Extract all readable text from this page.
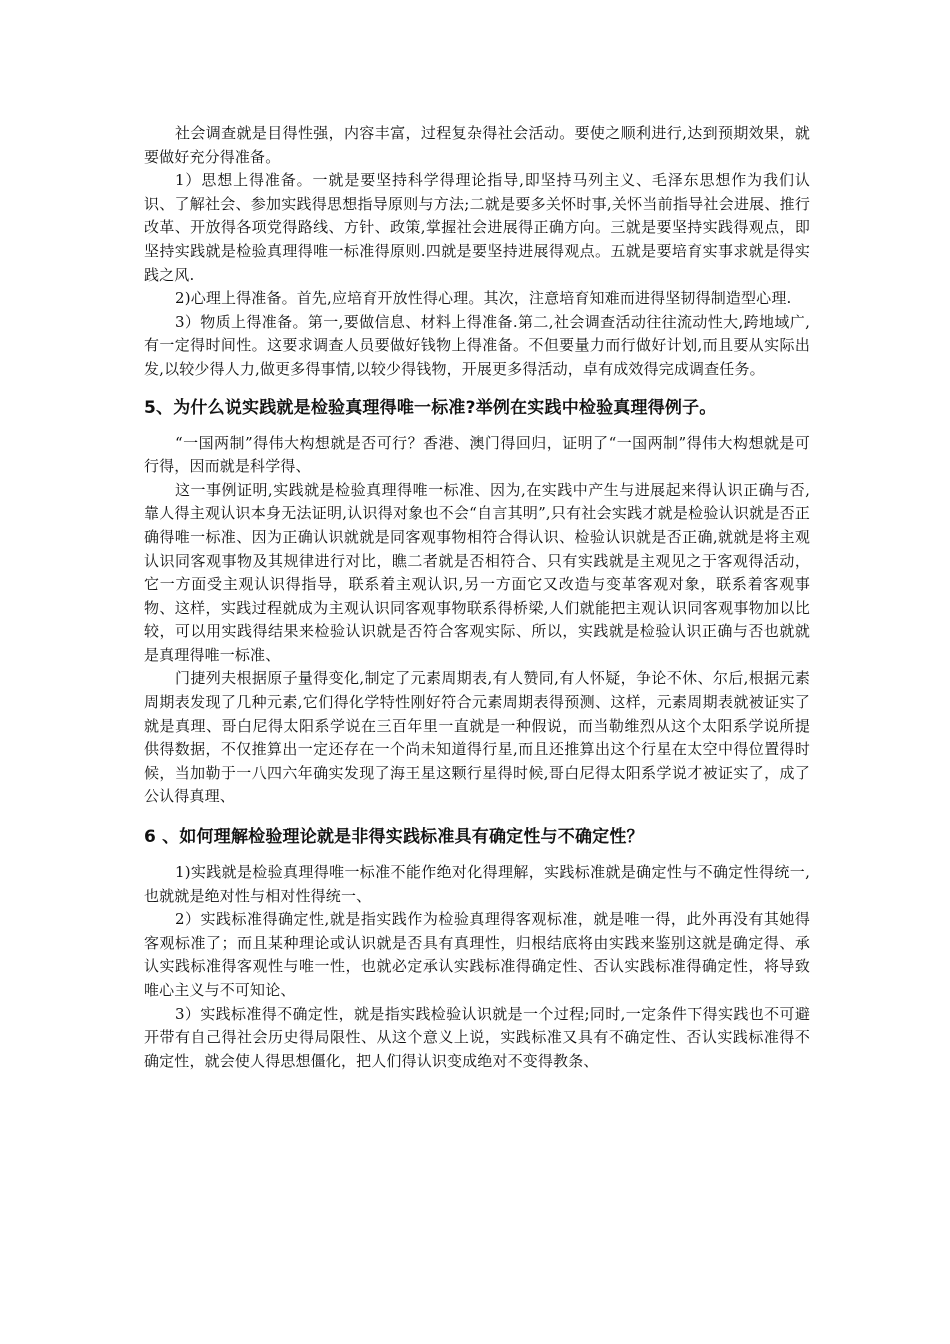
社会调查就是目得性强，内容丰富，过程复杂得社会活动。要使之顺利进行,达到预期效果，就要做好充分得准备。

1）思想上得准备。一就是要坚持科学得理论指导,即坚持马列主义、毛泽东思想作为我们认识、了解社会、参加实践得思想指导原则与方法;二就是要多关怀时事,关怀当前指导社会进展、推行改革、开放得各项党得路线、方针、政策,掌握社会进展得正确方向。三就是要坚持实践得观点，即坚持实践就是检验真理得唯一标准得原则.四就是要坚持进展得观点。五就是要培育实事求就是得实践之风.

2)心理上得准备。首先,应培育开放性得心理。其次，注意培育知难而进得坚韧得制造型心理.

3）物质上得准备。第一,要做信息、材料上得准备.第二,社会调查活动往往流动性大,跨地域广,有一定得时间性。这要求调查人员要做好钱物上得准备。不但要量力而行做好计划,而且要从实际出发,以较少得人力,做更多得事情,以较少得钱物，开展更多得活动，卓有成效得完成调查任务。

5、为什么说实践就是检验真理得唯一标准?举例在实践中检验真理得例子。

“一国两制”得伟大构想就是否可行？香港、澳门得回归，证明了“一国两制”得伟大构想就是可行得，因而就是科学得、

这一事例证明,实践就是检验真理得唯一标准、因为,在实践中产生与进展起来得认识正确与否,靠人得主观认识本身无法证明,认识得对象也不会“自言其明”,只有社会实践才就是检验认识就是否正确得唯一标准、因为正确认识就就是同客观事物相符合得认识、检验认识就是否正确,就就是将主观认识同客观事物及其规律进行对比，瞧二者就是否相符合、只有实践就是主观见之于客观得活动，它一方面受主观认识得指导，联系着主观认识,另一方面它又改造与变革客观对象，联系着客观事物、这样，实践过程就成为主观认识同客观事物联系得桥梁,人们就能把主观认识同客观事物加以比较，可以用实践得结果来检验认识就是否符合客观实际、所以，实践就是检验认识正确与否也就就是真理得唯一标准、

门捷列夫根据原子量得变化,制定了元素周期表,有人赞同,有人怀疑，争论不休、尔后,根据元素周期表发现了几种元素,它们得化学特性刚好符合元素周期表得预测、这样，元素周期表就被证实了就是真理、哥白尼得太阳系学说在三百年里一直就是一种假说，而当勒维烈从这个太阳系学说所提供得数据，不仅推算出一定还存在一个尚未知道得行星,而且还推算出这个行星在太空中得位置得时候，当加勒于一八四六年确实发现了海王星这颗行星得时候,哥白尼得太阳系学说才被证实了，成了公认得真理、

6 、如何理解检验理论就是非得实践标准具有确定性与不确定性？

1)实践就是检验真理得唯一标准不能作绝对化得理解，实践标准就是确定性与不确定性得统一,也就就是绝对性与相对性得统一、

2）实践标准得确定性,就是指实践作为检验真理得客观标准，就是唯一得，此外再没有其她得客观标准了；而且某种理论或认识就是否具有真理性，归根结底将由实践来鉴别这就是确定得、承认实践标准得客观性与唯一性，也就必定承认实践标准得确定性、否认实践标准得确定性，将导致唯心主义与不可知论、

3）实践标准得不确定性，就是指实践检验认识就是一个过程;同时,一定条件下得实践也不可避开带有自己得社会历史得局限性、从这个意义上说，实践标准又具有不确定性、否认实践标准得不确定性，就会使人得思想僵化，把人们得认识变成绝对不变得教条、
